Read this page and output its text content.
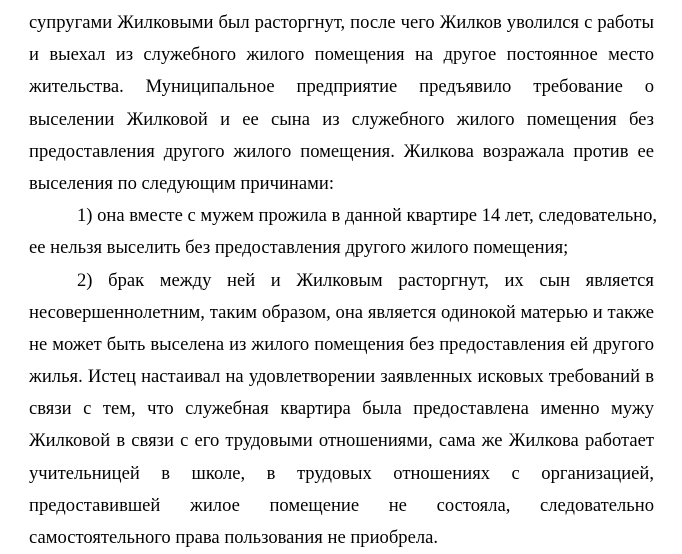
супругами Жилковыми был расторгнут, после чего Жилков уволился с работы
и выехал из служебного жилого помещения на другое постоянное место
жительства. Муниципальное предприятие предъявило требование о
выселении Жилковой и ее сына из служебного жилого помещения без
предоставления другого жилого помещения. Жилкова возражала против ее
выселения по следующим причинами:

1) она вместе с мужем прожила в данной квартире 14 лет, следовательно,
ее нельзя выселить без предоставления другого жилого помещения;

2) брак между ней и Жилковым расторгнут, их сын является
несовершеннолетним, таким образом, она является одинокой матерью и также
не может быть выселена из жилого помещения без предоставления ей другого
жилья. Истец настаивал на удовлетворении заявленных исковых требований в
связи с тем, что служебная квартира была предоставлена именно мужу
Жилковой в связи с его трудовыми отношениями, сама же Жилкова работает
учительницей в школе, в трудовых отношениях с организацией,
предоставившей жилое помещение не состояла, следовательно
самостоятельного права пользования не приобрела.
